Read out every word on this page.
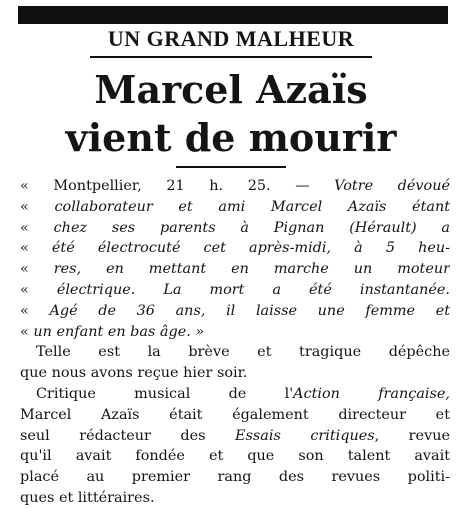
UN GRAND MALHEUR
Marcel Azaïs
vient de mourir
« Montpellier, 21 h. 25. — Votre dévoué
« collaborateur et ami Marcel Azaïs étant
« chez ses parents à Pignan (Hérault) a
« été électrocuté cet après-midi, à 5 heu-
« res, en mettant en marche un moteur
« électrique. La mort a été instantanée.
« Agé de 36 ans, il laisse une femme et
« un enfant en bas âge. »
Telle est la brève et tragique dépêche
que nous avons reçue hier soir.
Critique musical de l'Action française,
Marcel Azaïs était également directeur et
seul rédacteur des Essais critiques, revue
qu'il avait fondée et que son talent avait
placé au premier rang des revues politi-
ques et littéraires.
